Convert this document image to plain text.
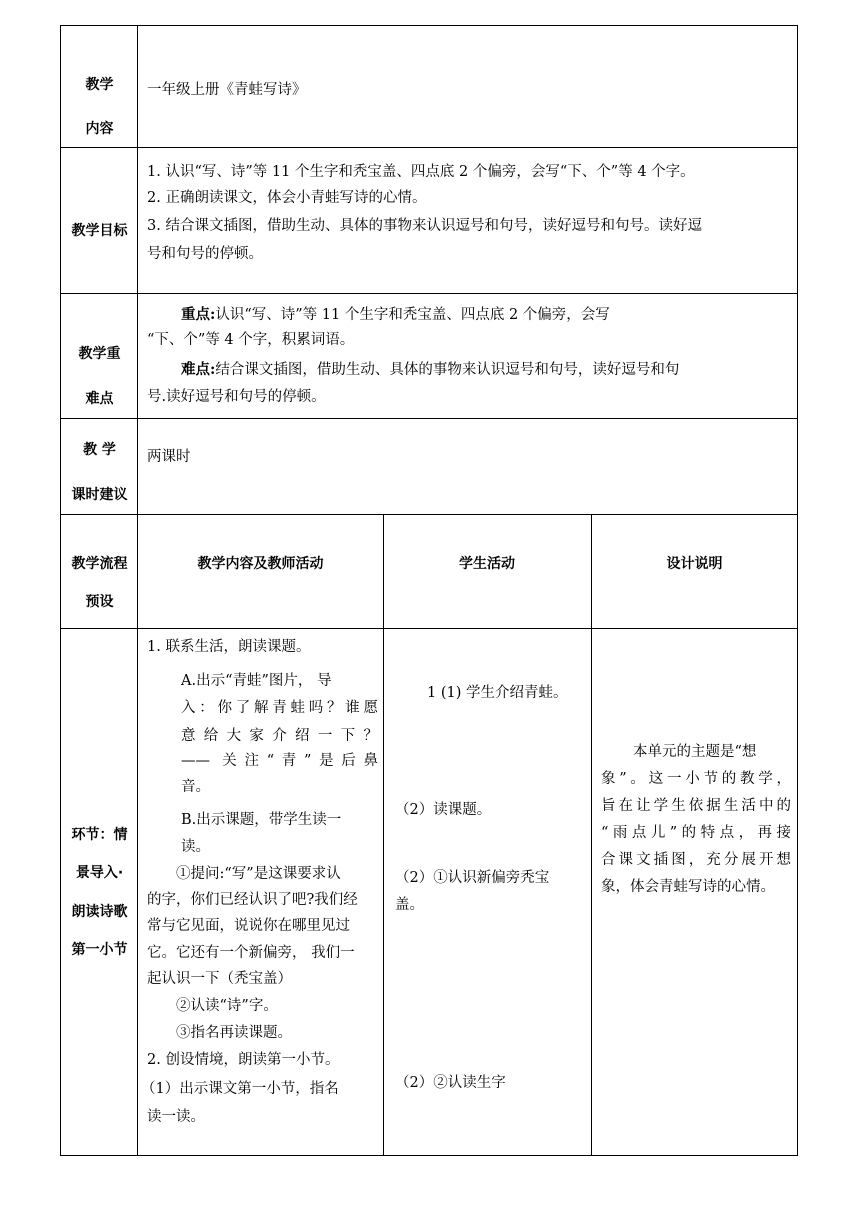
教学
内容
一年级上册《青蛙写诗》
教学目标
1. 认识“写、诗”等 11 个生字和秃宝盖、四点底 2 个偏旁，会写“下、个”等 4 个字。
2. 正确朗读课文，体会小青蛙写诗的心情。
3. 结合课文插图，借助生动、具体的事物来认识逗号和句号，读好逗号和句号。读好逗
号和句号的停顿。
教学重
难点
重点:认识“写、诗”等 11 个生字和秃宝盖、四点底 2 个偏旁，会写
“下、个”等 4 个字，积累词语。
难点:结合课文插图，借助生动、具体的事物来认识逗号和句号，读好逗号和句
号.读好逗号和句号的停顿。
教 学
课时建议
两课时
教学流程
预设
教学内容及教师活动	学生活动	设计说明
环节：情
景导入·
朗读诗歌
第一小节
1. 联系生活，朗读课题。
A.出示“青蛙”图片， 导
入：你了解青蛙吗？谁愿
意给大家介绍一下？
—— 关注“青”是后鼻
音。
B.出示课题，带学生读一
读。
①提问:“写”是这课要求认
的字，你们已经认识了吧?我们经
常与它见面，说说你在哪里见过
它。它还有一个新偏旁， 我们一
起认识一下（秃宝盖）
②认读“诗”字。
③指名再读课题。
2. 创设情境，朗读第一小节。
（1）出示课文第一小节，指名
读一读。
1 (1) 学生介绍青蛙。
（2）读课题。
（2）①认识新偏旁秃宝
盖。
（2）②认读生字
本单元的主题是“想
象”。这一小节的教学，
旨在让学生依据生活中的
“雨点儿”的特点，再接
合课文插图，充分展开想
象，体会青蛙写诗的心情。
